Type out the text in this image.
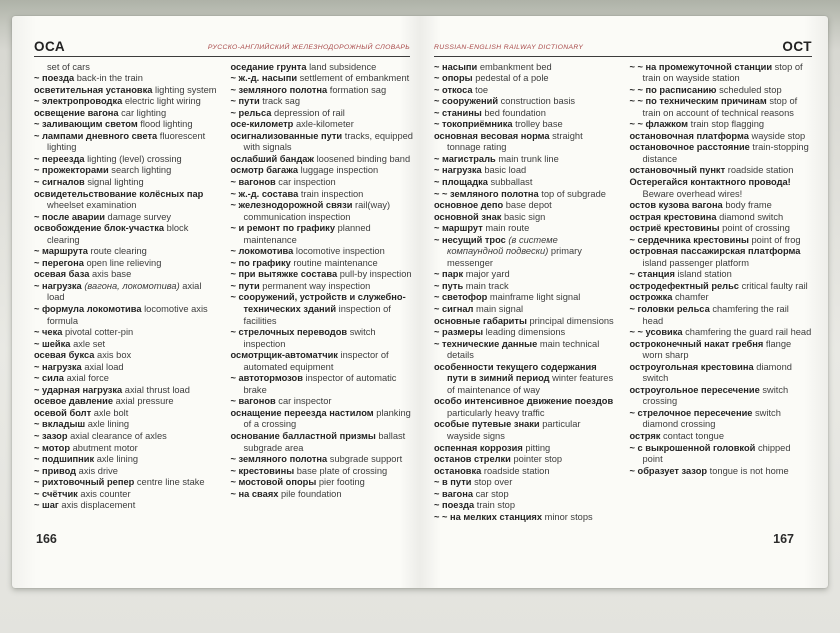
ОСА	РУССКО-АНГЛИЙСКИЙ ЖЕЛЕЗНОДОРОЖНЫЙ СЛОВАРЬ
set of cars
~ поезда back-in the train
осветительная установка lighting system
~ электропроводка electric light wiring
освещение вагона car lighting
~ заливающим светом flood lighting
~ лампами дневного света fluorescent lighting
~ переезда lighting (level) crossing
~ прожекторами search lighting
~ сигналов signal lighting
освидетельствование колёсных пар wheelset examination
~ после аварии damage survey
освобождение блок-участка block clearing
~ маршрута route clearing
~ перегона open line relieving
осевая база axis base
~ нагрузка (вагона, локомотива) axial load
~ формула локомотива locomotive axis formula
~ чека pivotal cotter-pin
~ шейка axle set
осевая букса axis box
~ нагрузка axial load
~ сила axial force
~ ударная нагрузка axial thrust load
осевое давление axial pressure
осевой болт axle bolt
~ вкладыш axle lining
~ зазор axial clearance of axles
~ мотор abutment motor
~ подшипник axle lining
~ привод axis drive
~ рихтовочный репер centre line stake
~ счётчик axis counter
~ шаг axis displacement
оседание грунта land subsidence
~ ж.-д. насыпи settlement of embankment
~ земляного полотна formation sag
~ пути track sag
~ рельса depression of rail
осе-километр axle-kilometer
осигнализованные пути tracks, equipped with signals
ослабший бандаж loosened binding band
осмотр багажа luggage inspection
~ вагонов car inspection
~ ж.-д. состава train inspection
~ железнодорожной связи rail(way) communication inspection
~ и ремонт по графику planned maintenance
~ локомотива locomotive inspection
~ по графику routine maintenance
~ при вытяжке состава pull-by inspection
~ пути permanent way inspection
~ сооружений, устройств и служебно-технических зданий inspection of facilities
~ стрелочных переводов switch inspection
осмотрщик-автоматчик inspector of automated equipment
~ автотормозов inspector of automatic brake
~ вагонов car inspector
оснащение переезда настилом planking of a crossing
основание балластной призмы ballast subgrade area
~ земляного полотна subgrade support
~ крестовины base plate of crossing
~ мостовой опоры pier footing
~ на сваях pile foundation
166
RUSSIAN-ENGLISH RAILWAY DICTIONARY	ОСТ
~ насыпи embankment bed
~ опоры pedestal of a pole
~ откоса toe
~ сооружений construction basis
~ станины bed foundation
~ токоприёмника trolley base
основная весовая норма straight tonnage rating
~ магистраль main trunk line
~ нагрузка basic load
~ площадка subballast
~ ~ земляного полотна top of subgrade
основное депо base depot
основной знак basic sign
~ маршрут main route
~ несущий трос (в системе компаундной подвески) primary messenger
~ парк major yard
~ путь main track
~ светофор mainframe light signal
~ сигнал main signal
основные габариты principal dimensions
~ размеры leading dimensions
~ технические данные main technical details
особенности текущего содержания пути в зимний период winter features of maintenance of way
особо интенсивное движение поездов particularly heavy traffic
особые путевые знаки particular wayside signs
оспенная коррозия pitting
останов стрелки pointer stop
остановка roadside station
~ в пути stop over
~ вагона car stop
~ поезда train stop
~ ~ на мелких станциях minor stops
~ ~ на промежуточной станции stop of train on wayside station
~ ~ по расписанию scheduled stop
~ ~ по техническим причинам stop of train on account of technical reasons
~ ~ флажком train stop flagging
остановочная платформа wayside stop
остановочное расстояние train-stopping distance
остановочный пункт roadside station
Остерегайся контактного провода! Beware overhead wires!
остов кузова вагона body frame
острая крестовина diamond switch
остриё крестовины point of crossing
~ сердечника крестовины point of frog
островная пассажирская платформа island passenger platform
~ станция island station
остродефектный рельс critical faulty rail
острожка chamfer
~ головки рельса chamfering the rail head
~ ~ усовика chamfering the guard rail head
остроконечный накат гребня flange worn sharp
остроугольная крестовина diamond switch
остроугольное пересечение switch crossing
~ стрелочное пересечение switch diamond crossing
остряк contact tongue
~ с выкрошенной головкой chipped point
~ образует зазор tongue is not home
167
